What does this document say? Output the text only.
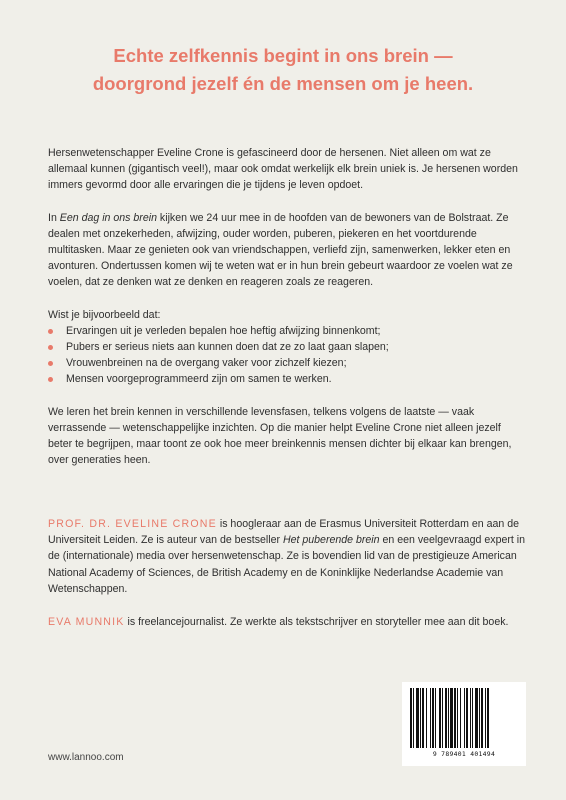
Echte zelfkennis begint in ons brein —
doorgrond jezelf én de mensen om je heen.

Hersenwetenschapper Eveline Crone is gefascineerd door de hersenen. Niet alleen om wat ze allemaal kunnen (gigantisch veel!), maar ook omdat werkelijk elk brein uniek is. Je hersenen worden immers gevormd door alle ervaringen die je tijdens je leven opdoet.

In Een dag in ons brein kijken we 24 uur mee in de hoofden van de bewoners van de Bolstraat. Ze dealen met onzekerheden, afwijzing, ouder worden, puberen, piekeren en het voortdurende multitasken. Maar ze genieten ook van vriendschappen, verliefd zijn, samenwerken, lekker eten en avonturen. Ondertussen komen wij te weten wat er in hun brein gebeurt waardoor ze voelen wat ze voelen, dat ze denken wat ze denken en reageren zoals ze reageren.

Wist je bijvoorbeeld dat:
Ervaringen uit je verleden bepalen hoe heftig afwijzing binnenkomt;
Pubers er serieus niets aan kunnen doen dat ze zo laat gaan slapen;
Vrouwenbreinen na de overgang vaker voor zichzelf kiezen;
Mensen voorgeprogrammeerd zijn om samen te werken.

We leren het brein kennen in verschillende levensfasen, telkens volgens de laatste — vaak verrassende — wetenschappelijke inzichten. Op die manier helpt Eveline Crone niet alleen jezelf beter te begrijpen, maar toont ze ook hoe meer breinkennis mensen dichter bij elkaar kan brengen, over generaties heen.

PROF. DR. EVELINE CRONE is hoogleraar aan de Erasmus Universiteit Rotterdam en aan de Universiteit Leiden. Ze is auteur van de bestseller Het puberende brein en een veelgevraagd expert in de (internationale) media over hersenwetenschap. Ze is bovendien lid van de prestigieuze American National Academy of Sciences, de British Academy en de Koninklijke Nederlandse Academie van Wetenschappen.

EVA MUNNIK is freelancejournalist. Ze werkte als tekstschrijver en storyteller mee aan dit boek.

www.lannoo.com	9 789401 401494
